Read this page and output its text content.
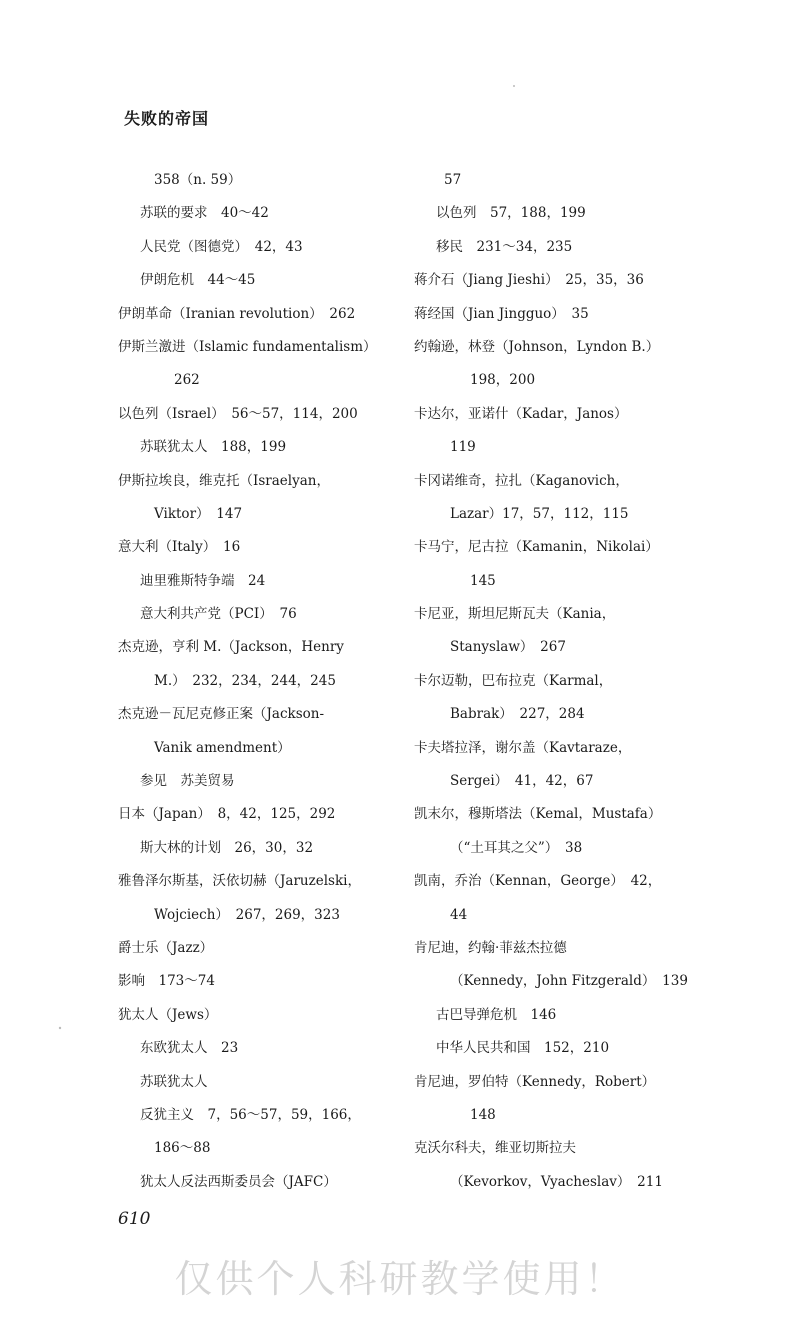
失败的帝国
358（n. 59）
苏联的要求　40～42
人民党（图德党）　42，43
伊朗危机　44～45
伊朗革命（Iranian revolution）　262
伊斯兰激进（Islamic fundamentalism）
262
以色列（Israel）　56～57，114，200
苏联犹太人　188，199
伊斯拉埃良，维克托（Israelyan，
Viktor）　147
意大利（Italy）　16
迪里雅斯特争端　24
意大利共产党（PCI）　76
杰克逊，亨利 M.（Jackson，Henry
M.）　232，234，244，245
杰克逊－瓦尼克修正案（Jackson-
Vanik amendment）
参见　苏美贸易
日本（Japan）　8，42，125，292
斯大林的计划　26，30，32
雅鲁泽尔斯基，沃依切赫（Jaruzelski，
Wojciech）　267，269，323
爵士乐（Jazz）
影响　173～74
犹太人（Jews）
东欧犹太人　23
苏联犹太人
反犹主义　7，56～57，59，166，
186～88
犹太人反法西斯委员会（JAFC）
57
以色列　57，188，199
移民　231～34，235
蒋介石（Jiang Jieshi）　25，35，36
蒋经国（Jian Jingguo）　35
约翰逊，林登（Johnson，Lyndon B.）
198，200
卡达尔，亚诺什（Kadar，Janos）
119
卡冈诺维奇，拉扎（Kaganovich，
Lazar）17，57，112，115
卡马宁，尼古拉（Kamanin，Nikolai）
145
卡尼亚，斯坦尼斯瓦夫（Kania，
Stanyslaw）　267
卡尔迈勒，巴布拉克（Karmal，
Babrak）　227，284
卡夫塔拉泽，谢尔盖（Kavtaraze，
Sergei）　41，42，67
凯末尔，穆斯塔法（Kemal，Mustafa）
（“土耳其之父”）　38
凯南，乔治（Kennan，George）　42，
44
肯尼迪，约翰·菲兹杰拉德
（Kennedy，John Fitzgerald）　139
古巴导弹危机　146
中华人民共和国　152，210
肯尼迪，罗伯特（Kennedy，Robert）
148
克沃尔科夫，维亚切斯拉夫
（Kevorkov，Vyacheslav）　211
610
仅供个人科研教学使用！
